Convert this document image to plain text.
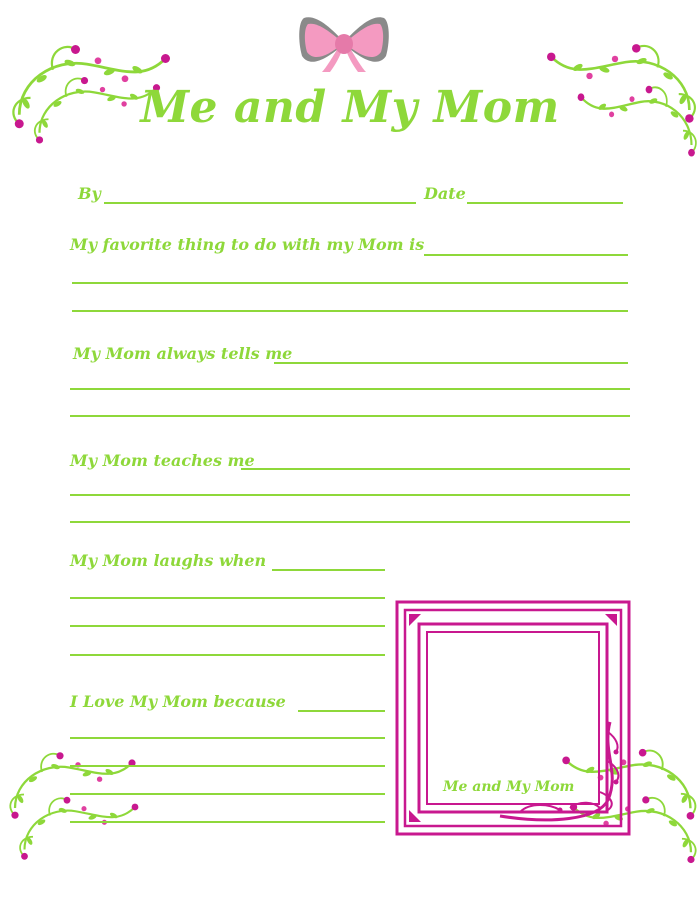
Me and My Mom
By	Date
My favorite thing to do with my Mom is
My Mom always tells me
My Mom teaches me
My Mom laughs when
I Love My Mom because
Me and My Mom
